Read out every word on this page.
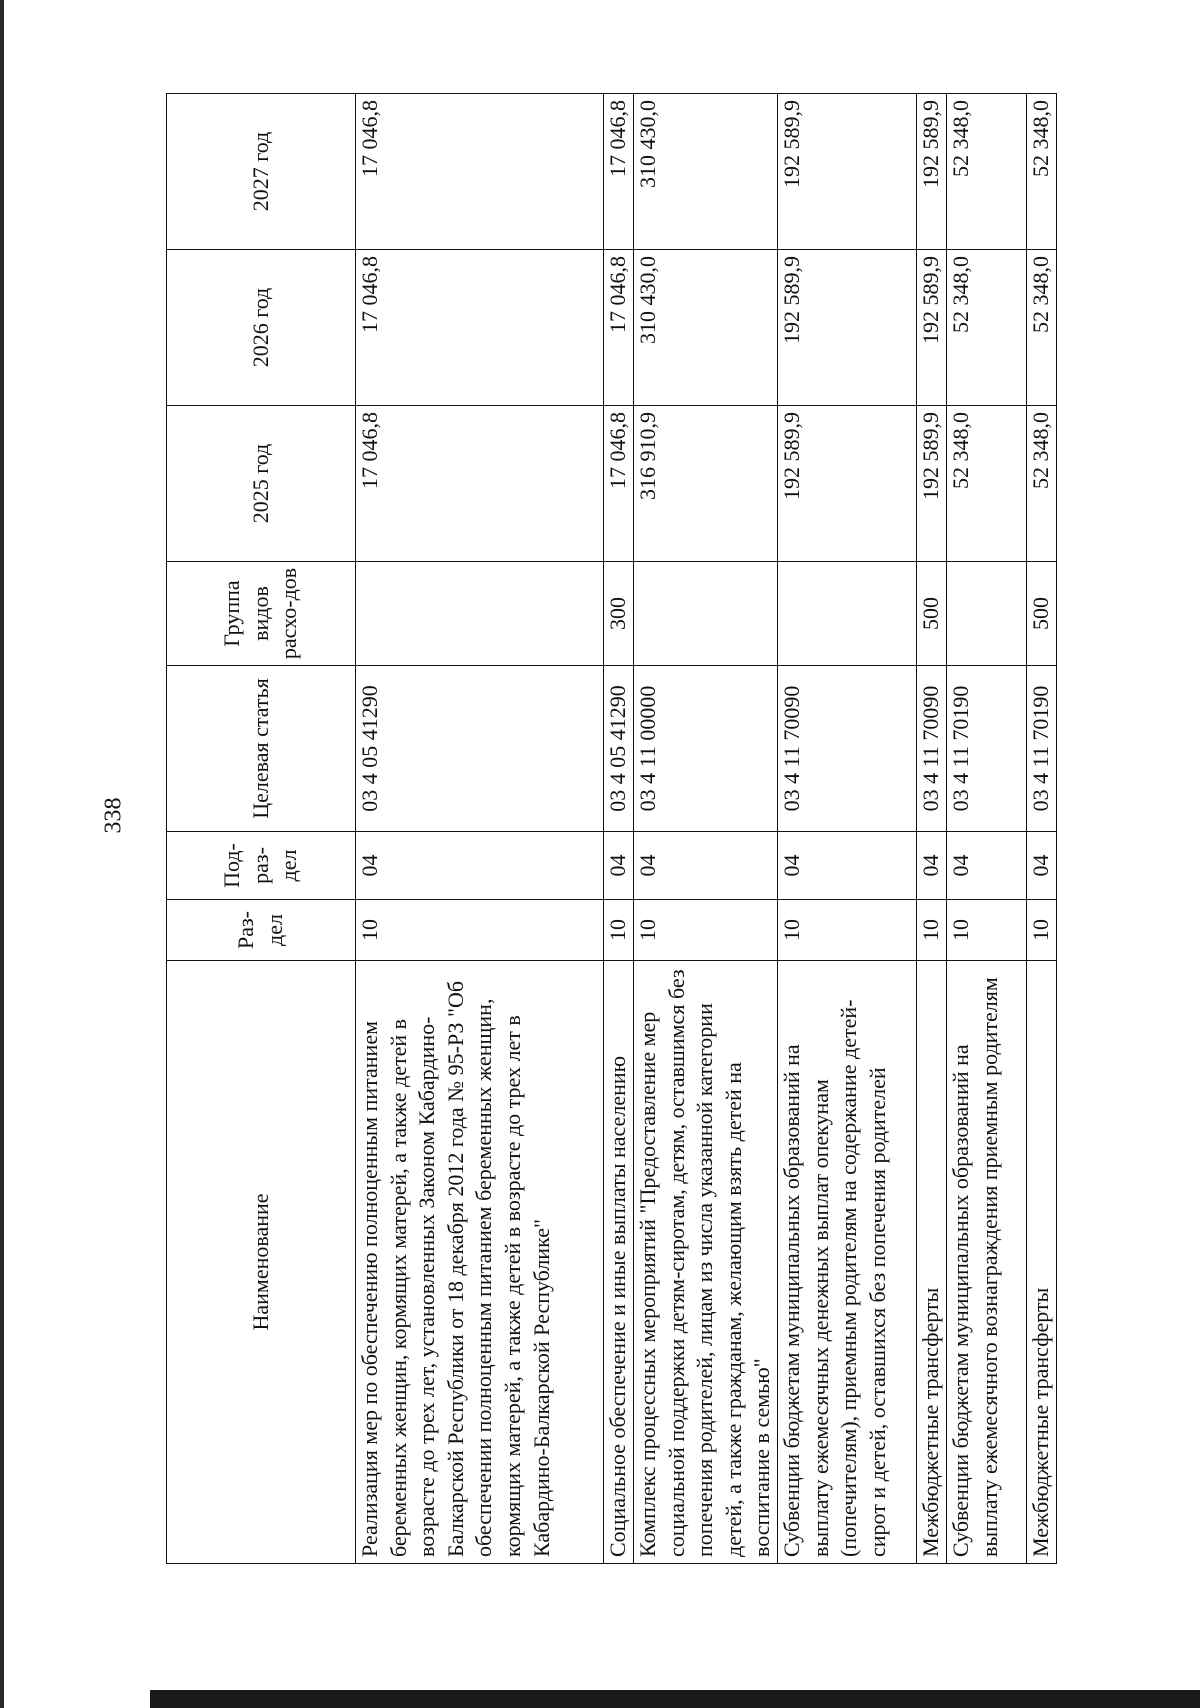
338
Наименование	Раз-дел	Под-раз-дел	Целевая статья	Группа видов расхо-дов	2025 год	2026 год	2027 год
Реализация мер по обеспечению полноценным питанием беременных женщин, кормящих матерей, а также детей в возрасте до трех лет, установленных Законом Кабардино-Балкарской Республики от 18 декабря 2012 года № 95-РЗ "Об обеспечении полноценным питанием беременных женщин, кормящих матерей, а также детей в возрасте до трех лет в Кабардино-Балкарской Республике"	10	04	03 4 05 41290		17 046,8	17 046,8	17 046,8
Социальное обеспечение и иные выплаты населению	10	04	03 4 05 41290	300	17 046,8	17 046,8	17 046,8
Комплекс процессных мероприятий "Предоставление мер социальной поддержки детям-сиротам, детям, оставшимся без попечения родителей, лицам из числа указанной категории детей, а также гражданам, желающим взять детей на воспитание в семью"	10	04	03 4 11 00000		316 910,9	310 430,0	310 430,0
Субвенции бюджетам муниципальных образований на выплату ежемесячных денежных выплат опекунам (попечителям), приемным родителям на содержание детей-сирот и детей, оставшихся без попечения родителей	10	04	03 4 11 70090		192 589,9	192 589,9	192 589,9
Межбюджетные трансферты	10	04	03 4 11 70090	500	192 589,9	192 589,9	192 589,9
Субвенции бюджетам муниципальных образований на выплату ежемесячного вознаграждения приемным родителям	10	04	03 4 11 70190		52 348,0	52 348,0	52 348,0
Межбюджетные трансферты	10	04	03 4 11 70190	500	52 348,0	52 348,0	52 348,0
